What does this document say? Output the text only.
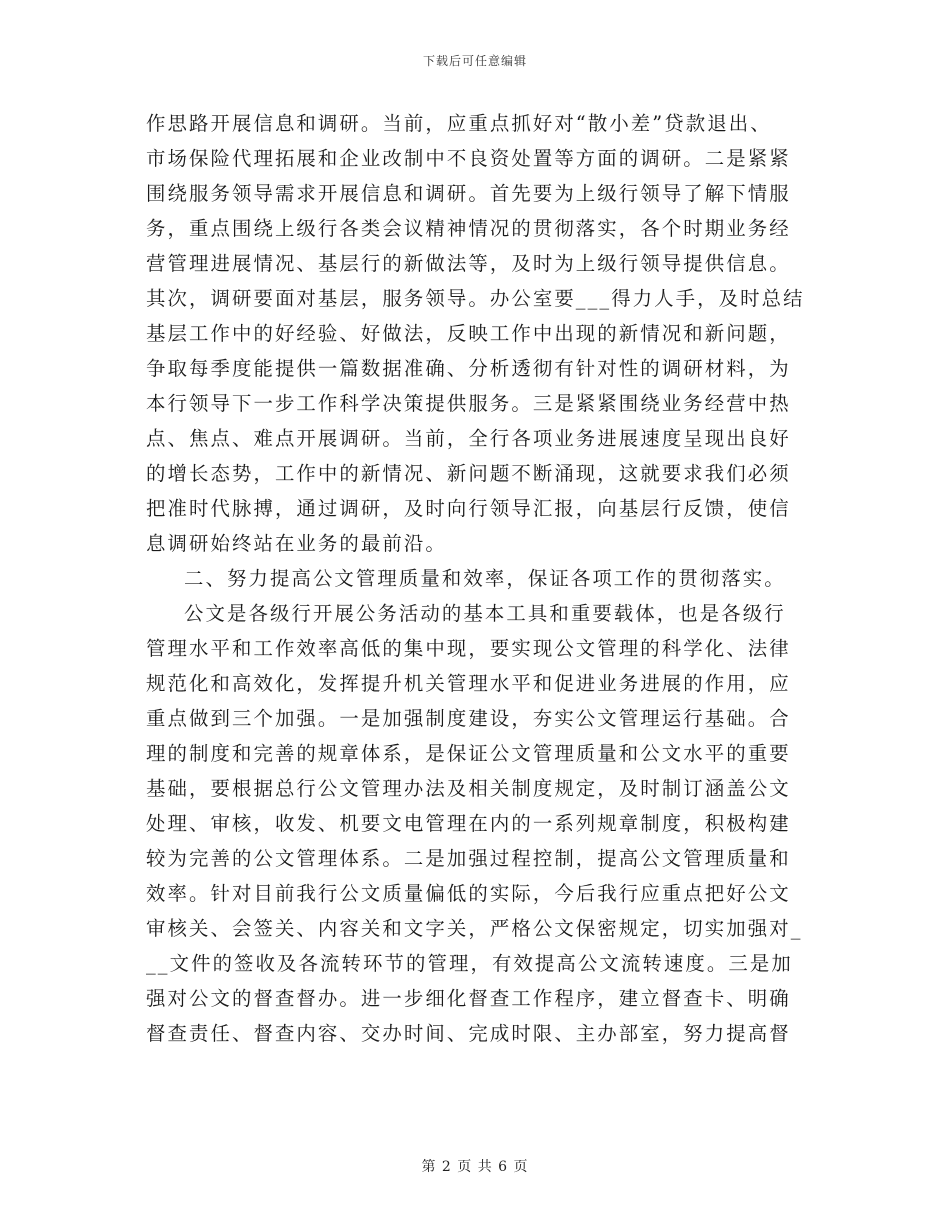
下载后可任意编辑
作思路开展信息和调研。当前，应重点抓好对“散小差”贷款退出、
市场保险代理拓展和企业改制中不良资处置等方面的调研。二是紧紧
围绕服务领导需求开展信息和调研。首先要为上级行领导了解下情服
务，重点围绕上级行各类会议精神情况的贯彻落实，各个时期业务经
营管理进展情况、基层行的新做法等，及时为上级行领导提供信息。
其次，调研要面对基层，服务领导。办公室要___得力人手，及时总结
基层工作中的好经验、好做法，反映工作中出现的新情况和新问题，
争取每季度能提供一篇数据准确、分析透彻有针对性的调研材料，为
本行领导下一步工作科学决策提供服务。三是紧紧围绕业务经营中热
点、焦点、难点开展调研。当前，全行各项业务进展速度呈现出良好
的增长态势，工作中的新情况、新问题不断涌现，这就要求我们必须
把准时代脉搏，通过调研，及时向行领导汇报，向基层行反馈，使信
息调研始终站在业务的最前沿。
二、努力提高公文管理质量和效率，保证各项工作的贯彻落实。
公文是各级行开展公务活动的基本工具和重要载体，也是各级行
管理水平和工作效率高低的集中现，要实现公文管理的科学化、法律
规范化和高效化，发挥提升机关管理水平和促进业务进展的作用，应
重点做到三个加强。一是加强制度建设，夯实公文管理运行基础。合
理的制度和完善的规章体系，是保证公文管理质量和公文水平的重要
基础，要根据总行公文管理办法及相关制度规定，及时制订涵盖公文
处理、审核，收发、机要文电管理在内的一系列规章制度，积极构建
较为完善的公文管理体系。二是加强过程控制，提高公文管理质量和
效率。针对目前我行公文质量偏低的实际，今后我行应重点把好公文
审核关、会签关、内容关和文字关，严格公文保密规定，切实加强对_
__文件的签收及各流转环节的管理，有效提高公文流转速度。三是加
强对公文的督查督办。进一步细化督查工作程序，建立督查卡、明确
督查责任、督查内容、交办时间、完成时限、主办部室，努力提高督
第 2 页 共 6 页
